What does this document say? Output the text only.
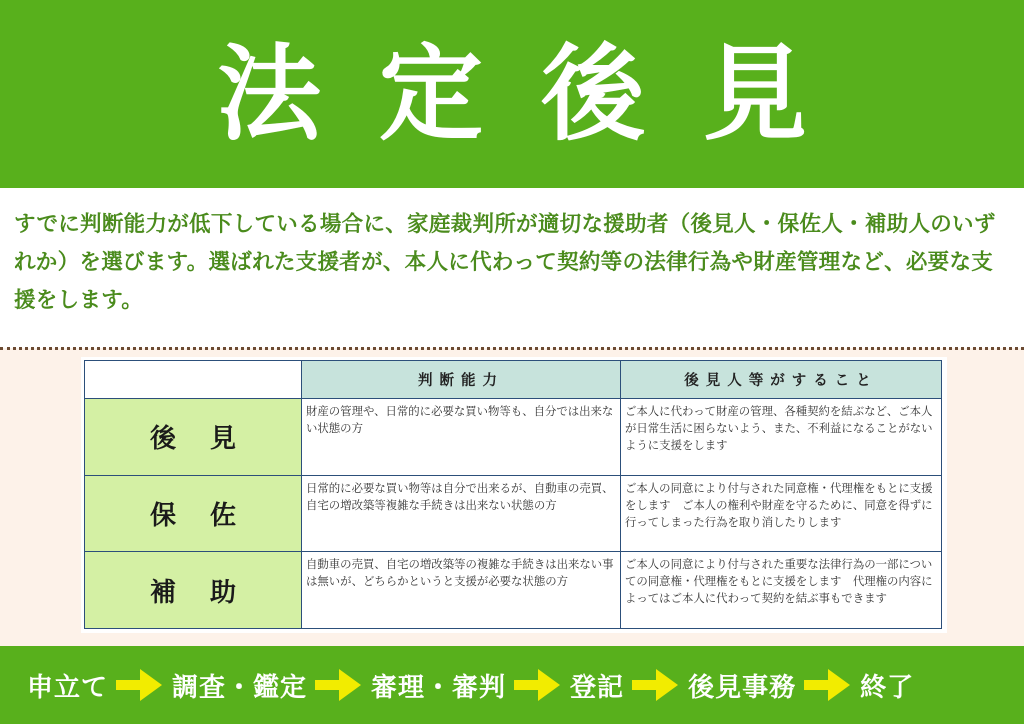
法定後見

すでに判断能力が低下している場合に、家庭裁判所が適切な援助者（後見人・保佐人・補助人のいずれか）を選びます。選ばれた支援者が、本人に代わって契約等の法律行為や財産管理など、必要な支援をします。

	判断能力	後見人等がすること
後見	財産の管理や、日常的に必要な買い物等も、自分では出来ない状態の方	ご本人に代わって財産の管理、各種契約を結ぶなど、ご本人が日常生活に困らないよう、また、不利益になることがないように支援をします
保佐	日常的に必要な買い物等は自分で出来るが、自動車の売買、自宅の増改築等複雑な手続きは出来ない状態の方	ご本人の同意により付与された同意権・代理権をもとに支援をします　ご本人の権利や財産を守るために、同意を得ずに行ってしまった行為を取り消したりします
補助	自動車の売買、自宅の増改築等の複雑な手続きは出来ない事は無いが、どちらかというと支援が必要な状態の方	ご本人の同意により付与された重要な法律行為の一部についての同意権・代理権をもとに支援をします　代理権の内容によってはご本人に代わって契約を結ぶ事もできます
申立て 調査・鑑定 審理・審判 登記 後見事務 終了
